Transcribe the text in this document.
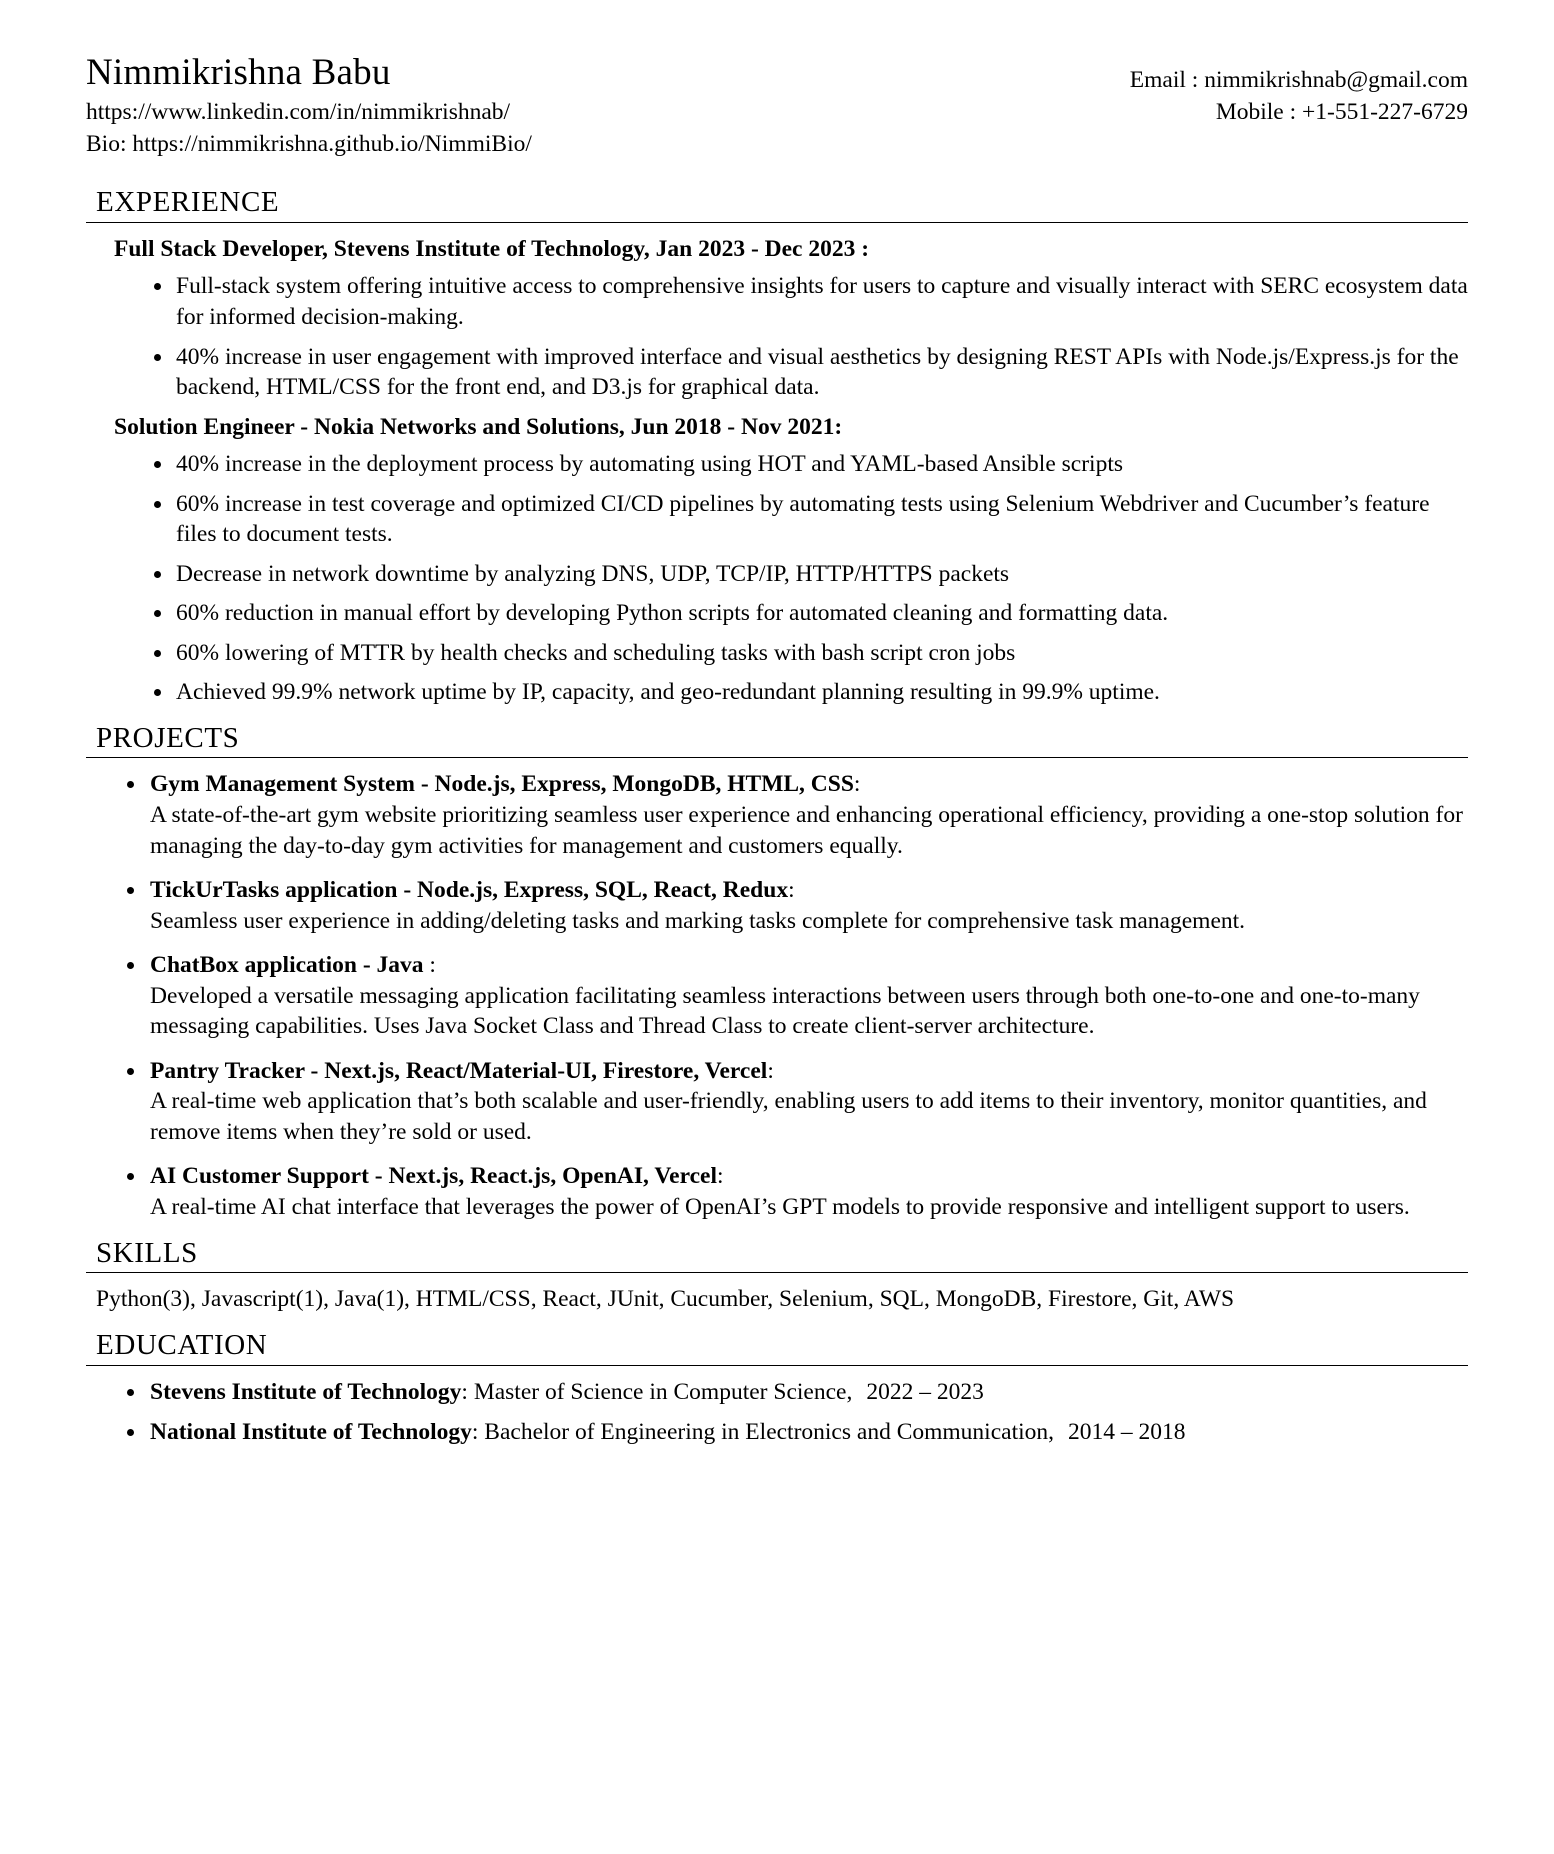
Nimmikrishna Babu
https://www.linkedin.com/in/nimmikrishnab/
Bio: https://nimmikrishna.github.io/NimmiBio/
Email : nimmikrishnab@gmail.com
Mobile : +1-551-227-6729
EXPERIENCE
Full Stack Developer, Stevens Institute of Technology, Jan 2023 - Dec 2023 :
Full-stack system offering intuitive access to comprehensive insights for users to capture and visually interact with SERC ecosystem data for informed decision-making.
40% increase in user engagement with improved interface and visual aesthetics by designing REST APIs with Node.js/Express.js for the backend, HTML/CSS for the front end, and D3.js for graphical data.
Solution Engineer - Nokia Networks and Solutions, Jun 2018 - Nov 2021:
40% increase in the deployment process by automating using HOT and YAML-based Ansible scripts
60% increase in test coverage and optimized CI/CD pipelines by automating tests using Selenium Webdriver and Cucumber’s feature files to document tests.
Decrease in network downtime by analyzing DNS, UDP, TCP/IP, HTTP/HTTPS packets
60% reduction in manual effort by developing Python scripts for automated cleaning and formatting data.
60% lowering of MTTR by health checks and scheduling tasks with bash script cron jobs
Achieved 99.9% network uptime by IP, capacity, and geo-redundant planning resulting in 99.9% uptime.
PROJECTS
Gym Management System - Node.js, Express, MongoDB, HTML, CSS:
A state-of-the-art gym website prioritizing seamless user experience and enhancing operational efficiency, providing a one-stop solution for managing the day-to-day gym activities for management and customers equally.
TickUrTasks application - Node.js, Express, SQL, React, Redux:
Seamless user experience in adding/deleting tasks and marking tasks complete for comprehensive task management.
ChatBox application - Java :
Developed a versatile messaging application facilitating seamless interactions between users through both one-to-one and one-to-many messaging capabilities. Uses Java Socket Class and Thread Class to create client-server architecture.
Pantry Tracker - Next.js, React/Material-UI, Firestore, Vercel:
A real-time web application that’s both scalable and user-friendly, enabling users to add items to their inventory, monitor quantities, and remove items when they’re sold or used.
AI Customer Support - Next.js, React.js, OpenAI, Vercel:
A real-time AI chat interface that leverages the power of OpenAI’s GPT models to provide responsive and intelligent support to users.
SKILLS
Python(3), Javascript(1), Java(1), HTML/CSS, React, JUnit, Cucumber, Selenium, SQL, MongoDB, Firestore, Git, AWS
EDUCATION
Stevens Institute of Technology: Master of Science in Computer Science, 2022 – 2023
National Institute of Technology: Bachelor of Engineering in Electronics and Communication, 2014 – 2018
